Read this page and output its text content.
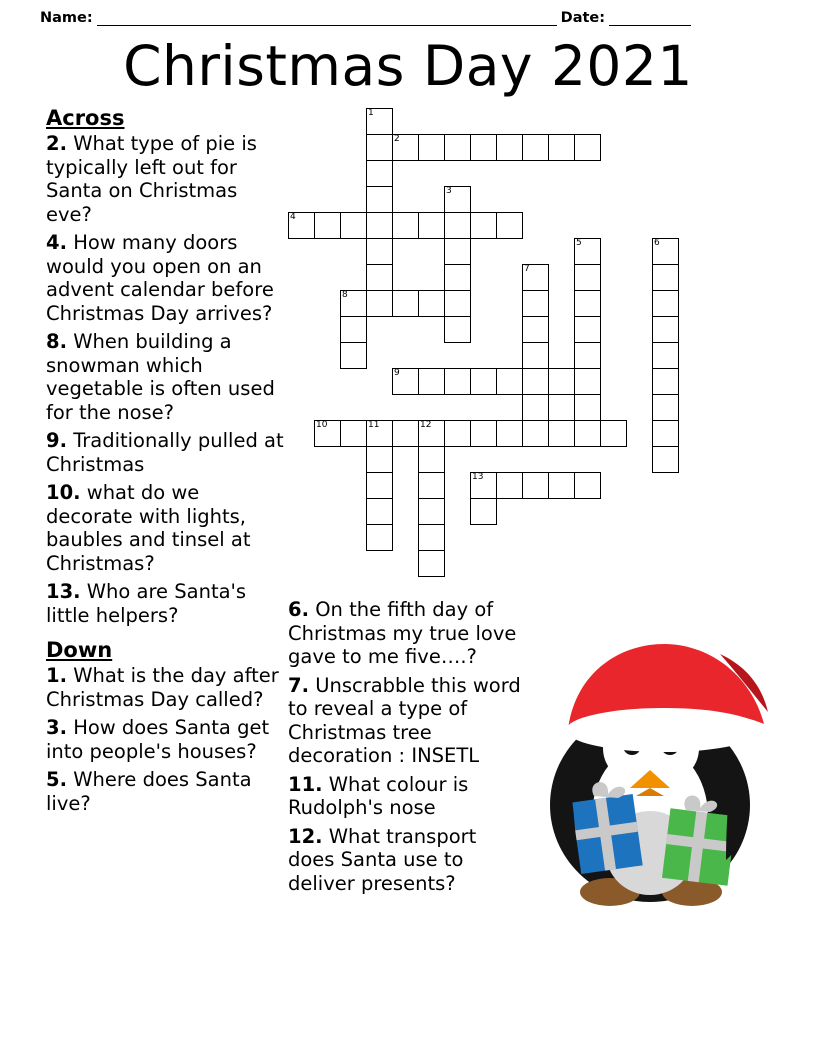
Name:	Date:
Christmas Day 2021
Across

2. What type of pie is typically left out for Santa on Christmas eve?

4. How many doors would you open on an advent calendar before Christmas Day arrives?

8. When building a snowman which vegetable is often used for the nose?

9. Traditionally pulled at Christmas

10. what do we decorate with lights, baubles and tinsel at Christmas?

13. Who are Santa's little helpers?

Down

1. What is the day after Christmas Day called?

3. How does Santa get into people's houses?

5. Where does Santa live?

6. On the fifth day of Christmas my true love gave to me five….?

7. Unscrabble this word to reveal a type of Christmas tree decoration : INSETL

11. What colour is Rudolph's nose

12. What transport does Santa use to deliver presents?

1
2
3
4
5	6
7
8
9
10	11	12
13
